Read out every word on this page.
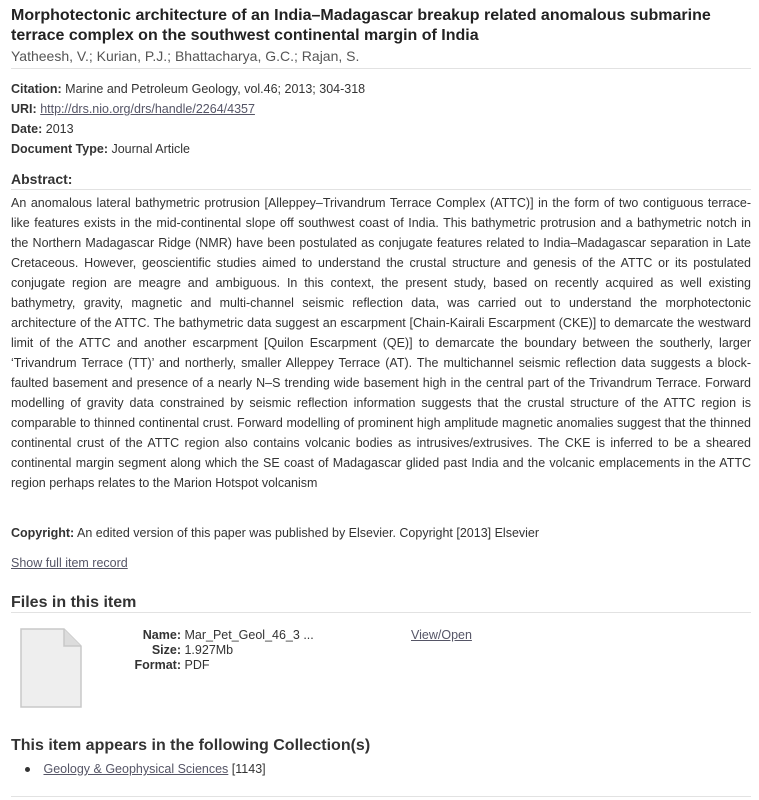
Morphotectonic architecture of an India–Madagascar breakup related anomalous submarine terrace complex on the southwest continental margin of India
Yatheesh, V.; Kurian, P.J.; Bhattacharya, G.C.; Rajan, S.
Citation: Marine and Petroleum Geology, vol.46; 2013; 304-318
URI: http://drs.nio.org/drs/handle/2264/4357
Date: 2013
Document Type: Journal Article
Abstract:

An anomalous lateral bathymetric protrusion [Alleppey–Trivandrum Terrace Complex (ATTC)] in the form of two contiguous terrace-like features exists in the mid-continental slope off southwest coast of India. This bathymetric protrusion and a bathymetric notch in the Northern Madagascar Ridge (NMR) have been postulated as conjugate features related to India–Madagascar separation in Late Cretaceous. However, geoscientific studies aimed to understand the crustal structure and genesis of the ATTC or its postulated conjugate region are meagre and ambiguous. In this context, the present study, based on recently acquired as well existing bathymetry, gravity, magnetic and multi-channel seismic reflection data, was carried out to understand the morphotectonic architecture of the ATTC. The bathymetric data suggest an escarpment [Chain-Kairali Escarpment (CKE)] to demarcate the westward limit of the ATTC and another escarpment [Quilon Escarpment (QE)] to demarcate the boundary between the southerly, larger ‘Trivandrum Terrace (TT)’ and northerly, smaller Alleppey Terrace (AT). The multichannel seismic reflection data suggests a block-faulted basement and presence of a nearly N–S trending wide basement high in the central part of the Trivandrum Terrace. Forward modelling of gravity data constrained by seismic reflection information suggests that the crustal structure of the ATTC region is comparable to thinned continental crust. Forward modelling of prominent high amplitude magnetic anomalies suggest that the thinned continental crust of the ATTC region also contains volcanic bodies as intrusives/extrusives. The CKE is inferred to be a sheared continental margin segment along which the SE coast of Madagascar glided past India and the volcanic emplacements in the ATTC region perhaps relates to the Marion Hotspot volcanism

Copyright: An edited version of this paper was published by Elsevier. Copyright [2013] Elsevier
Show full item record
Files in this item
Name: Mar_Pet_Geol_46_3 ...
Size: 1.927Mb
Format: PDF
View/Open
This item appears in the following Collection(s)
Geology & Geophysical Sciences [1143]
